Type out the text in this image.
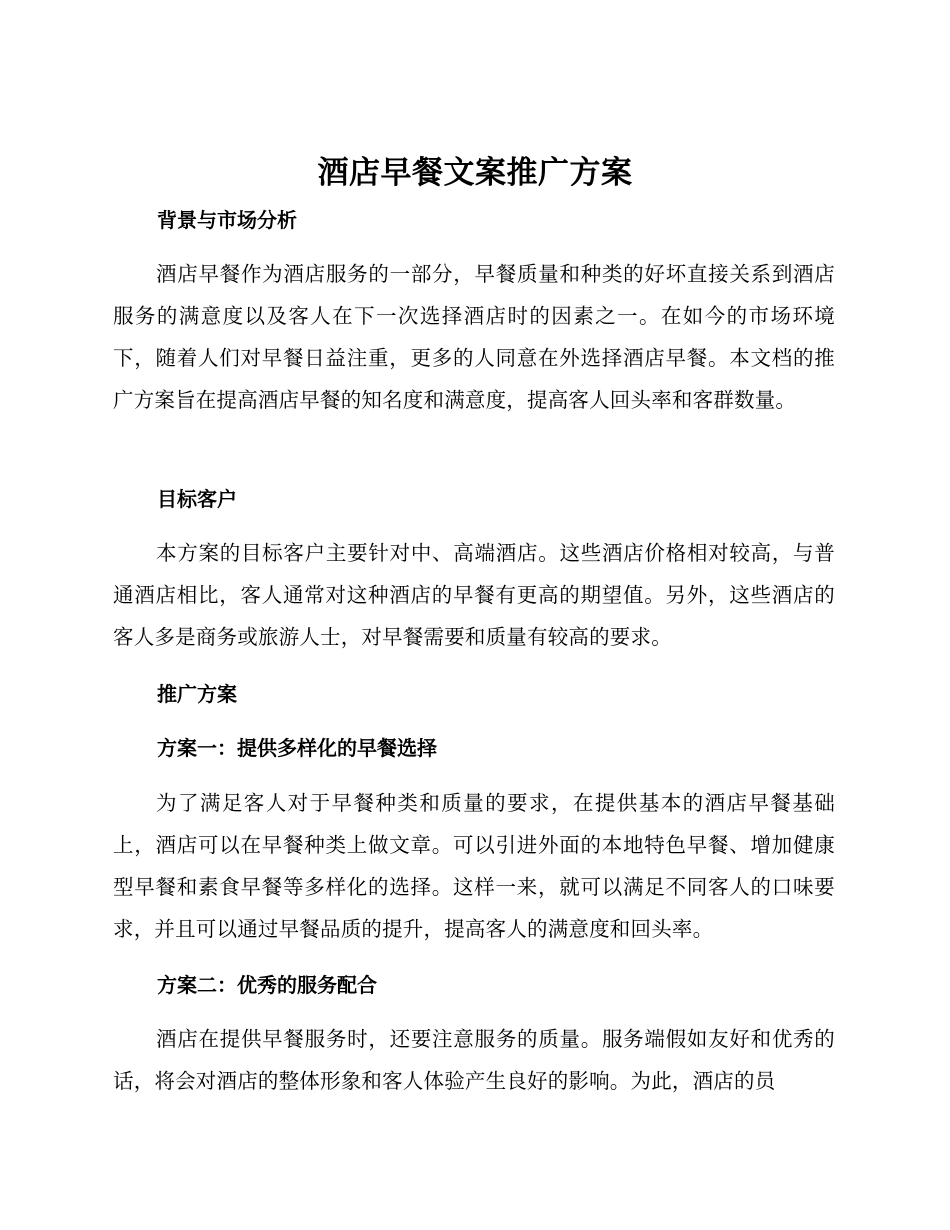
酒店早餐文案推广方案
背景与市场分析
酒店早餐作为酒店服务的一部分，早餐质量和种类的好坏直接关系到酒店服务的满意度以及客人在下一次选择酒店时的因素之一。在如今的市场环境下，随着人们对早餐日益注重，更多的人同意在外选择酒店早餐。本文档的推广方案旨在提高酒店早餐的知名度和满意度，提高客人回头率和客群数量。
目标客户
本方案的目标客户主要针对中、高端酒店。这些酒店价格相对较高，与普通酒店相比，客人通常对这种酒店的早餐有更高的期望值。另外，这些酒店的客人多是商务或旅游人士，对早餐需要和质量有较高的要求。
推广方案
方案一：提供多样化的早餐选择
为了满足客人对于早餐种类和质量的要求，在提供基本的酒店早餐基础上，酒店可以在早餐种类上做文章。可以引进外面的本地特色早餐、增加健康型早餐和素食早餐等多样化的选择。这样一来，就可以满足不同客人的口味要求，并且可以通过早餐品质的提升，提高客人的满意度和回头率。
方案二：优秀的服务配合
酒店在提供早餐服务时，还要注意服务的质量。服务端假如友好和优秀的话，将会对酒店的整体形象和客人体验产生良好的影响。为此，酒店的员
